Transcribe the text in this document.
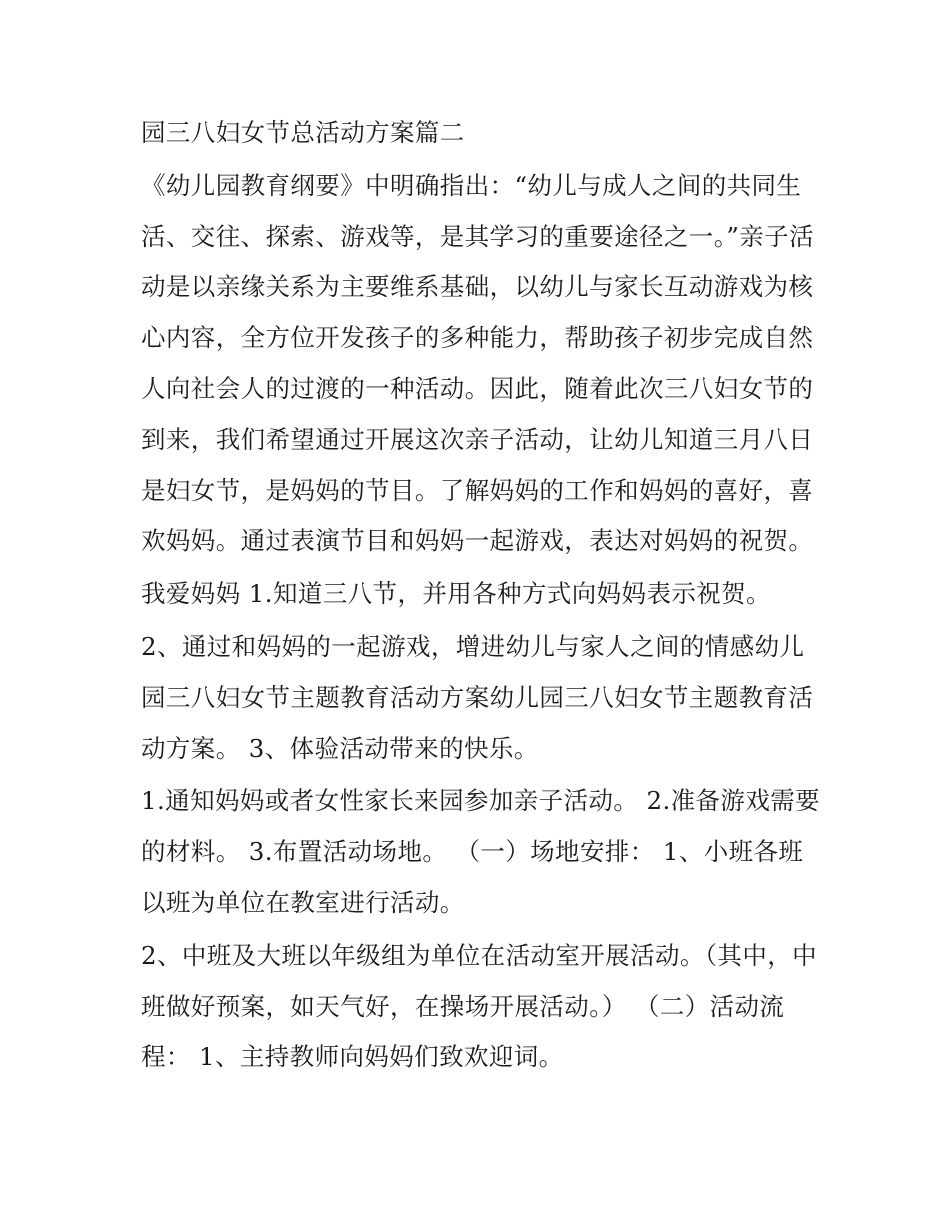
园三八妇女节总活动方案篇二

《幼儿园教育纲要》中明确指出：“幼儿与成人之间的共同生活、交往、探索、游戏等，是其学习的重要途径之一。”亲子活动是以亲缘关系为主要维系基础，以幼儿与家长互动游戏为核心内容，全方位开发孩子的多种能力，帮助孩子初步完成自然人向社会人的过渡的一种活动。因此，随着此次三八妇女节的到来，我们希望通过开展这次亲子活动，让幼儿知道三月八日是妇女节，是妈妈的节目。了解妈妈的工作和妈妈的喜好，喜欢妈妈。通过表演节目和妈妈一起游戏，表达对妈妈的祝贺。

我爱妈妈 1.知道三八节，并用各种方式向妈妈表示祝贺。

2、通过和妈妈的一起游戏，增进幼儿与家人之间的情感幼儿园三八妇女节主题教育活动方案幼儿园三八妇女节主题教育活动方案。 3、体验活动带来的快乐。

1.通知妈妈或者女性家长来园参加亲子活动。 2.准备游戏需要的材料。 3.布置活动场地。 （一）场地安排： 1、小班各班以班为单位在教室进行活动。

2、中班及大班以年级组为单位在活动室开展活动。（其中，中班做好预案，如天气好，在操场开展活动。） （二）活动流程： 1、主持教师向妈妈们致欢迎词。
